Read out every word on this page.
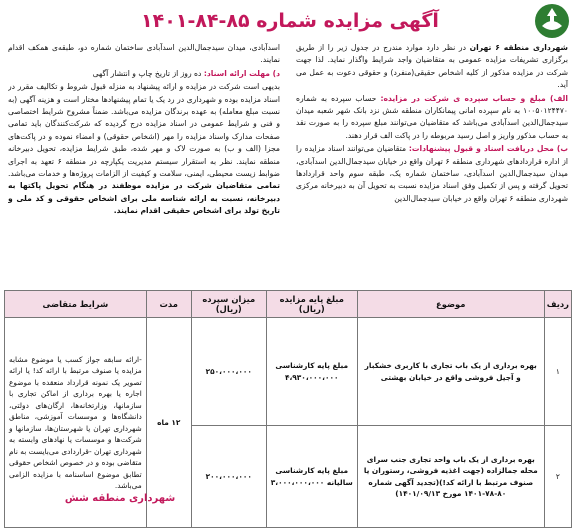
آگهی مزایده شماره ۸۵-۸۴-۱۴۰۱

شهرداری منطقه ۶ تهران در نظر دارد موارد مندرج در جدول زیر را از طریق برگزاری تشریفات مزایده عمومی به متقاضیان واجد شرایط واگذار نماید. لذا جهت شرکت در مزایده مذکور از کلیه اشخاص حقیقی(منفرد) و حقوقی دعوت به عمل می آید.

الف) مبلغ و حساب سپرده ی شرکت در مزایده: حساب سپرده به شماره ۱۰۰۵۰۱۲۴۴۷۰ به نام سپرده امانی پیمانکاران منطقه شش نزد بانک شهر شعبه میدان سیدجمال‌الدین اسدآبادی می‌باشد که متقاضیان می‌توانند مبلغ سپرده را به صورت نقد به حساب مذکور واریز و اصل رسید مربوطه را در پاکت الف قرار دهند.

ب) محل دریافت اسناد و قبول پیشنهادات: متقاضیان می‌توانند اسناد مزایده را از اداره قراردادهای شهرداری منطقه ۶ تهران واقع در خیابان سیدجمال‌الدین اسدآبادی، میدان سیدجمال‌الدین اسدآبادی، ساختمان شماره یک، طبقه سوم واحد قراردادها تحویل گرفته و پس از تکمیل وفق اسناد مزایده نسبت به تحویل آن به دبیرخانه مرکزی شهرداری منطقه ۶ تهران واقع در خیابان سیدجمال‌الدین

اسدآبادی، میدان سیدجمال‌الدین اسدآبادی ساختمان شماره دو، طبقه‌ی همکف اقدام نمایند.

د) مهلت ارائه اسناد: ده روز از تاریخ چاپ و انتشار آگهی

بدیهی است شرکت در مزایده و ارائه پیشنهاد به منزله قبول شروط و تکالیف مقرر در اسناد مزایده بوده و شهرداری در رد یک یا تمام پیشنهادها مختار است و هزینه آگهی (به نسبت مبلغ معامله) به عهده برندگان مزایده می‌باشد. ضمناً مشروح شرایط اختصاصی و فنی و شرایط عمومی در اسناد مزایده درج گردیده که شرکت‌کنندگان باید تمامی صفحات مدارک واسناد مزایده را مهر (اشخاص حقوقی) و امضاء نموده و در پاکت‌های مجزا (الف و ب) به صورت لاک و مهر شده، طبق شرایط مزایده، تحویل دبیرخانه منطقه نمایند. نظر به استقرار سیستم مدیریت یکپارچه در منطقه ۶ تعهد به اجرای ضوابط زیست محیطی، ایمنی، سلامت و کیفیت از الزامات پروژه‌ها و خدمات می‌باشد. تمامی متقاضیان شرکت در مزایده موظفند در هنگام تحویل پاکتها به دبیرخانه، نسبت به ارائه شناسه ملی برای اشخاص حقوقی و کد ملی و تاریخ تولد برای اشخاص حقیقی اقدام نمایند.

ردیف	موضوع	مبلغ پایه مزایده (ریال)	میزان سپرده (ریال)	مدت	شرایط متقاضی
۱	بهره برداری از یک باب تجاری با کاربری خشکبار و آجیل فروشی واقع در خیابان بهشتی	مبلغ پایه کارشناسی ۴،۹۳۰،۰۰۰،۰۰۰	۲۵۰،۰۰۰،۰۰۰	۱۲ ماه	-ارائه سابقه جواز کسب یا موضوع مشابه مزایده یا صنوف مرتبط با ارائه کد! یا ارائه تصویر یک نمونه قرارداد منعقده با موضوع اجاره یا بهره برداری از اماکن تجاری با سازمانها، وزارتخانه‌ها، ارگان‌های دولتی، دانشگاه‌ها و موسسات آموزشی، مناطق شهرداری تهران یا شهرستان‌ها، سازمانها و شرکت‌ها و موسسات یا نهادهای وابسته به شهرداری تهران -قراردادی می‌بایست به نام متقاضی بوده و در خصوص اشخاص حقوقی تطابق موضوع اساسنامه با مزایده الزامی می‌باشد.
۲	بهره برداری از یک باب واحد تجاری جنب سرای محله جمالزاده (جهت اغذیه فروشی، رستوران یا صنوف مرتبط با ارائه کد!)(تجدید آگهی شماره ۸۰-۷۸-۱۴۰۱ مورخ ۱۴۰۱/۰۹/۱۳)	مبلغ پایه کارشناسی سالیانه ۳،۰۰۰،۰۰۰،۰۰۰	۲۰۰،۰۰۰،۰۰۰		
شهرداری منطقه شش
